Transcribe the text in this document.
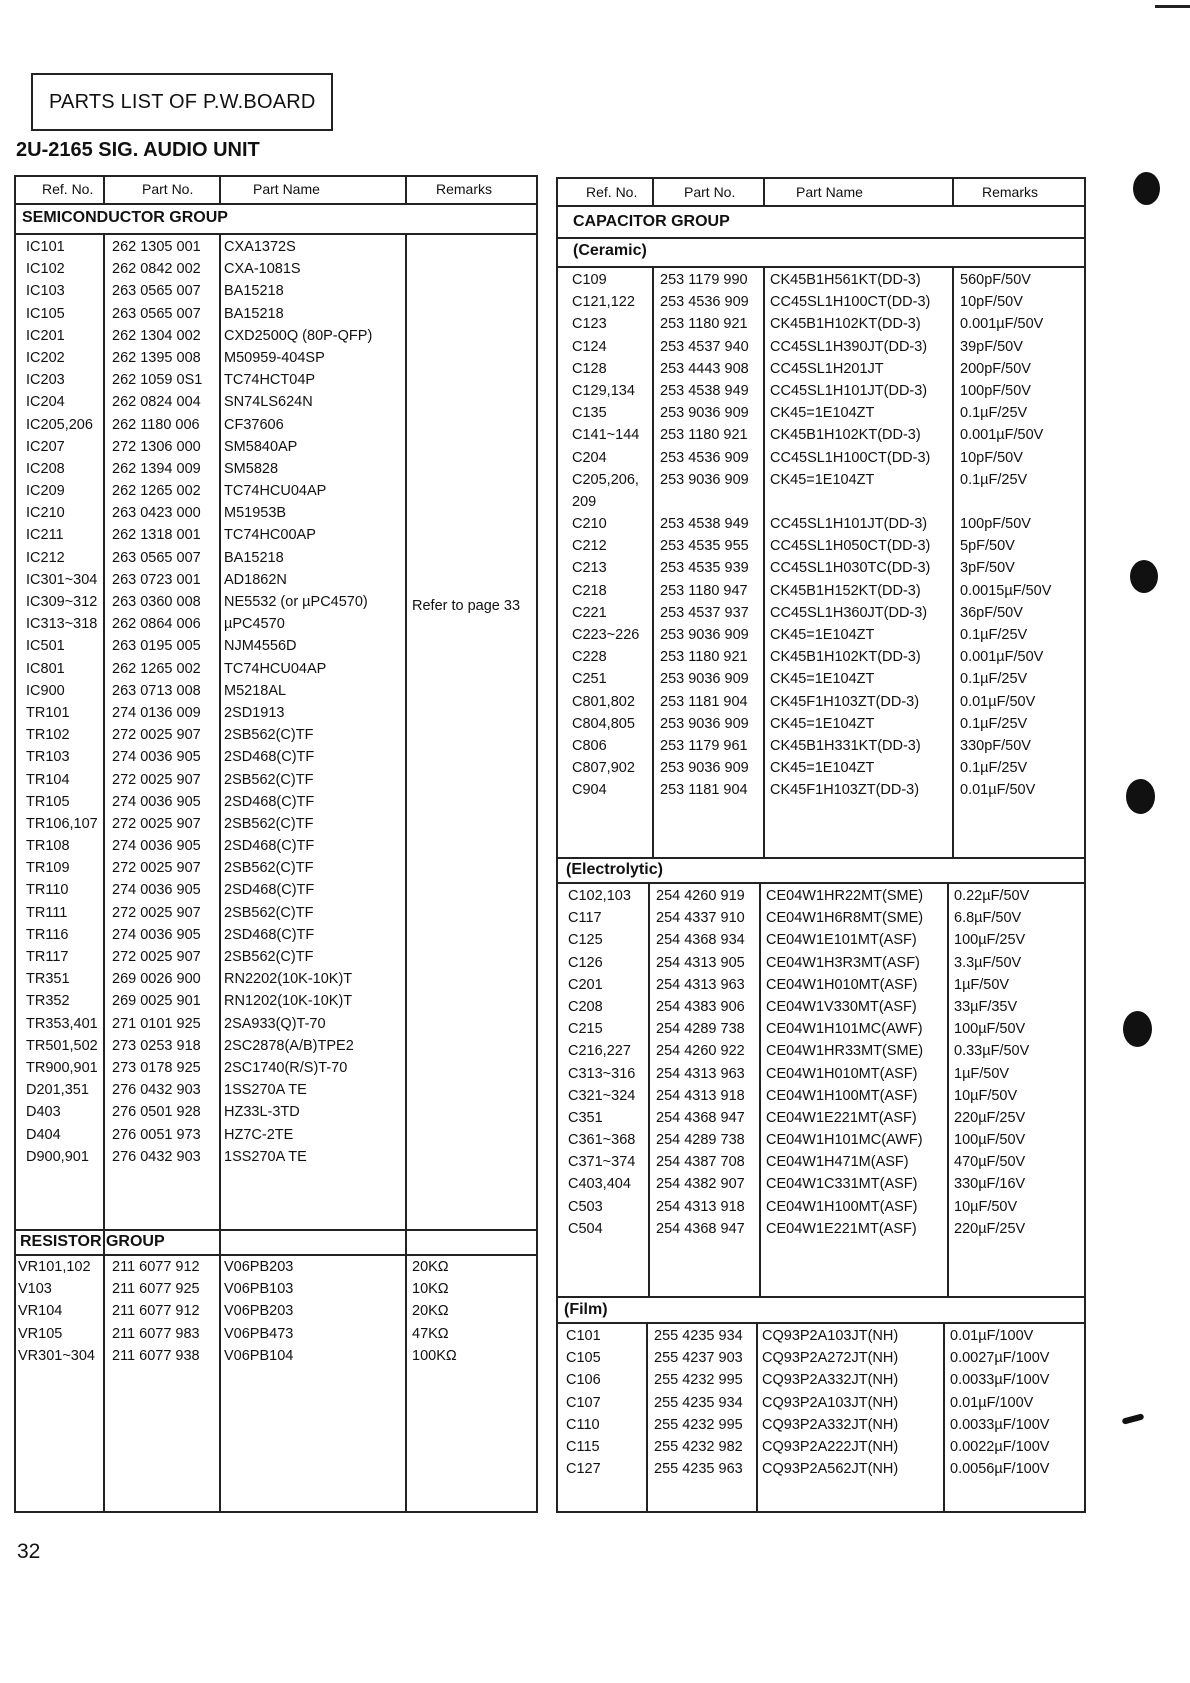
PARTS LIST OF P.W.BOARD
2U-2165 SIG. AUDIO UNIT
Ref. No.	Part No.	Part Name	Remarks
SEMICONDUCTOR GROUP
Refer to page 33
IC101	262 1305 001 CXA1372S
IC102	262 0842 002 CXA-1081S
IC103	263 0565 007 BA15218
IC105	263 0565 007 BA15218
IC201	262 1304 002 CXD2500Q (80P-QFP)
IC202	262 1395 008 M50959-404SP
IC203	262 1059 0S1 TC74HCT04P
IC204	262 0824 004 SN74LS624N
IC205,206 262 1180 006 CF37606
IC207	272 1306 000 SM5840AP
IC208	262 1394 009 SM5828
IC209	262 1265 002 TC74HCU04AP
IC210	263 0423 000 M51953B
IC211	262 1318 001 TC74HC00AP
IC212	263 0565 007 BA15218
IC301~304 263 0723 001 AD1862N
IC309~312 263 0360 008 NE5532 (or µPC4570)
IC313~318 262 0864 006 µPC4570
IC501	263 0195 005 NJM4556D
IC801	262 1265 002 TC74HCU04AP
IC900	263 0713 008 M5218AL
TR101	274 0136 009 2SD1913
TR102	272 0025 907 2SB562(C)TF
TR103	274 0036 905 2SD468(C)TF
TR104	272 0025 907 2SB562(C)TF
TR105	274 0036 905 2SD468(C)TF
TR106,107 272 0025 907 2SB562(C)TF
TR108	274 0036 905 2SD468(C)TF
TR109	272 0025 907 2SB562(C)TF
TR110	274 0036 905 2SD468(C)TF
TR111	272 0025 907 2SB562(C)TF
TR116	274 0036 905 2SD468(C)TF
TR117	272 0025 907 2SB562(C)TF
TR351	269 0026 900 RN2202(10K-10K)T
TR352	269 0025 901 RN1202(10K-10K)T
TR353,401 271 0101 925 2SA933(Q)T-70
TR501,502 273 0253 918 2SC2878(A/B)TPE2
TR900,901 273 0178 925 2SC1740(R/S)T-70
D201,351 276 0432 903 1SS270A TE
D403	276 0501 928 HZ33L-3TD
D404	276 0051 973 HZ7C-2TE
D900,901 276 0432 903 1SS270A TE
RESISTOR GROUP
VR101,102 211 6077 912 V06PB203	20KΩ
V103	211 6077 925 V06PB103	10KΩ
VR104	211 6077 912 V06PB203	20KΩ
VR105	211 6077 983 V06PB473	47KΩ
VR301~304 211 6077 938 V06PB104	100KΩ
Ref. No.	Part No.	Part Name	Remarks
CAPACITOR GROUP
(Ceramic)
C109	253 1179 990 CK45B1H561KT(DD-3)	560pF/50V
C121,122 253 4536 909 CC45SL1H100CT(DD-3) 10pF/50V
C123	253 1180 921 CK45B1H102KT(DD-3)	0.001µF/50V
C124	253 4537 940 CC45SL1H390JT(DD-3) 39pF/50V
C128	253 4443 908 CC45SL1H201JT	200pF/50V
C129,134 253 4538 949 CC45SL1H101JT(DD-3) 100pF/50V
C135	253 9036 909 CK45=1E104ZT	0.1µF/25V
C141~144 253 1180 921 CK45B1H102KT(DD-3)	0.001µF/50V
C204	253 4536 909 CC45SL1H100CT(DD-3) 10pF/50V
C205,206, 253 9036 909 CK45=1E104ZT	0.1µF/25V
209
C210	253 4538 949 CC45SL1H101JT(DD-3) 100pF/50V
C212	253 4535 955 CC45SL1H050CT(DD-3) 5pF/50V
C213	253 4535 939 CC45SL1H030TC(DD-3) 3pF/50V
C218	253 1180 947 CK45B1H152KT(DD-3)	0.0015µF/50V
C221	253 4537 937 CC45SL1H360JT(DD-3) 36pF/50V
C223~226 253 9036 909 CK45=1E104ZT	0.1µF/25V
C228	253 1180 921 CK45B1H102KT(DD-3)	0.001µF/50V
C251	253 9036 909 CK45=1E104ZT	0.1µF/25V
C801,802 253 1181 904 CK45F1H103ZT(DD-3)	0.01µF/50V
C804,805 253 9036 909 CK45=1E104ZT	0.1µF/25V
C806	253 1179 961 CK45B1H331KT(DD-3)	330pF/50V
C807,902 253 9036 909 CK45=1E104ZT	0.1µF/25V
C904	253 1181 904 CK45F1H103ZT(DD-3)	0.01µF/50V
(Electrolytic)
C102,103 254 4260 919 CE04W1HR22MT(SME) 0.22µF/50V
C117	254 4337 910 CE04W1H6R8MT(SME) 6.8µF/50V
C125	254 4368 934 CE04W1E101MT(ASF)	100µF/25V
C126	254 4313 905 CE04W1H3R3MT(ASF) 3.3µF/50V
C201	254 4313 963 CE04W1H010MT(ASF)	1µF/50V
C208	254 4383 906 CE04W1V330MT(ASF)	33µF/35V
C215	254 4289 738 CE04W1H101MC(AWF) 100µF/50V
C216,227 254 4260 922 CE04W1HR33MT(SME) 0.33µF/50V
C313~316 254 4313 963 CE04W1H010MT(ASF)	1µF/50V
C321~324 254 4313 918 CE04W1H100MT(ASF)	10µF/50V
C351	254 4368 947 CE04W1E221MT(ASF)	220µF/25V
C361~368 254 4289 738 CE04W1H101MC(AWF) 100µF/50V
C371~374 254 4387 708 CE04W1H471M(ASF)	470µF/50V
C403,404 254 4382 907 CE04W1C331MT(ASF)	330µF/16V
C503	254 4313 918 CE04W1H100MT(ASF)	10µF/50V
C504	254 4368 947 CE04W1E221MT(ASF)	220µF/25V
(Film)
C101	255 4235 934 CQ93P2A103JT(NH)	0.01µF/100V
C105	255 4237 903 CQ93P2A272JT(NH)	0.0027µF/100V
C106	255 4232 995 CQ93P2A332JT(NH)	0.0033µF/100V
C107	255 4235 934 CQ93P2A103JT(NH)	0.01µF/100V
C110	255 4232 995 CQ93P2A332JT(NH)	0.0033µF/100V
C115	255 4232 982 CQ93P2A222JT(NH)	0.0022µF/100V
C127	255 4235 963 CQ93P2A562JT(NH)	0.0056µF/100V
32
